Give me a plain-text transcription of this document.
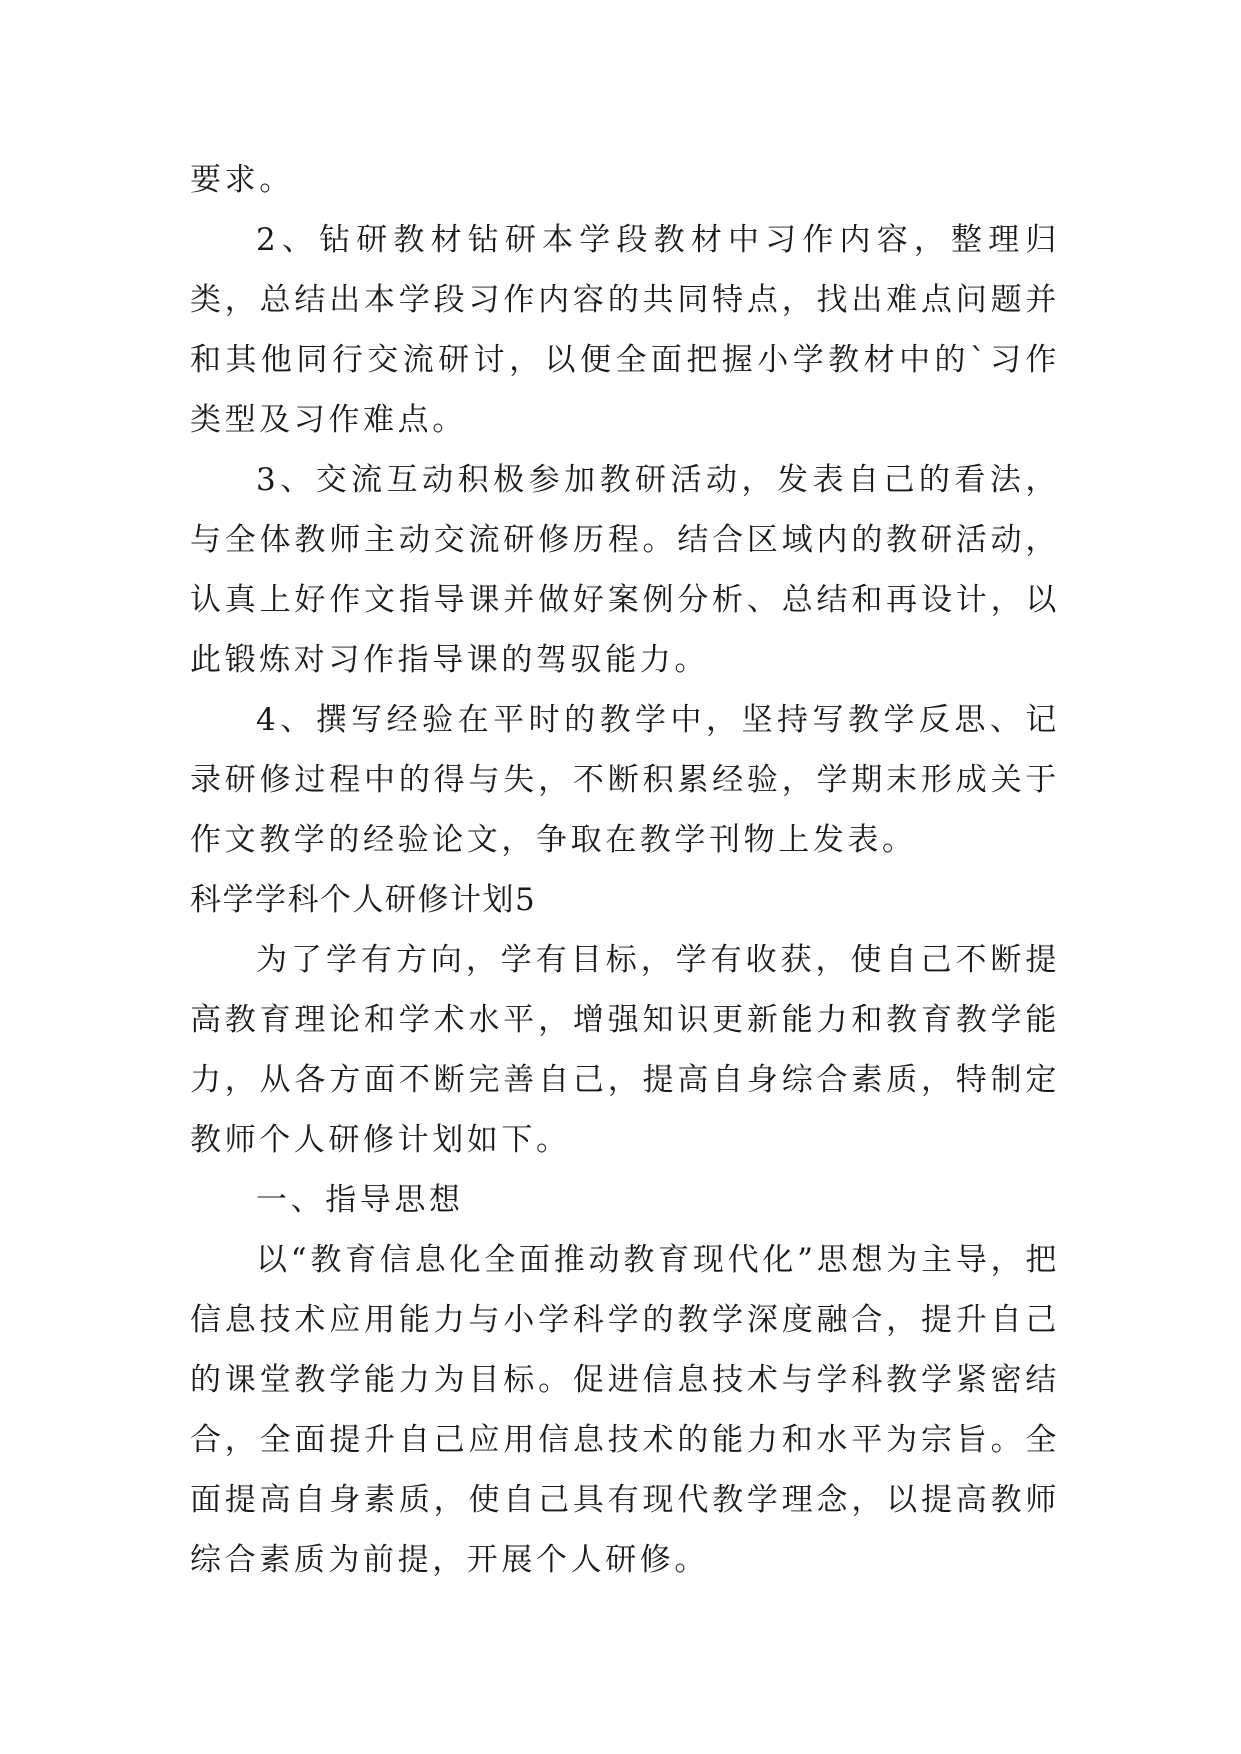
要求。

2、钻研教材钻研本学段教材中习作内容，整理归类，总结出本学段习作内容的共同特点，找出难点问题并和其他同行交流研讨，以便全面把握小学教材中的`习作类型及习作难点。

3、交流互动积极参加教研活动，发表自己的看法，与全体教师主动交流研修历程。结合区域内的教研活动，认真上好作文指导课并做好案例分析、总结和再设计，以此锻炼对习作指导课的驾驭能力。

4、撰写经验在平时的教学中，坚持写教学反思、记录研修过程中的得与失，不断积累经验，学期末形成关于作文教学的经验论文，争取在教学刊物上发表。

科学学科个人研修计划5

为了学有方向，学有目标，学有收获，使自己不断提高教育理论和学术水平，增强知识更新能力和教育教学能力，从各方面不断完善自己，提高自身综合素质，特制定教师个人研修计划如下。

一、指导思想

以“教育信息化全面推动教育现代化”思想为主导，把信息技术应用能力与小学科学的教学深度融合，提升自己的课堂教学能力为目标。促进信息技术与学科教学紧密结合，全面提升自己应用信息技术的能力和水平为宗旨。全面提高自身素质，使自己具有现代教学理念，以提高教师综合素质为前提，开展个人研修。
